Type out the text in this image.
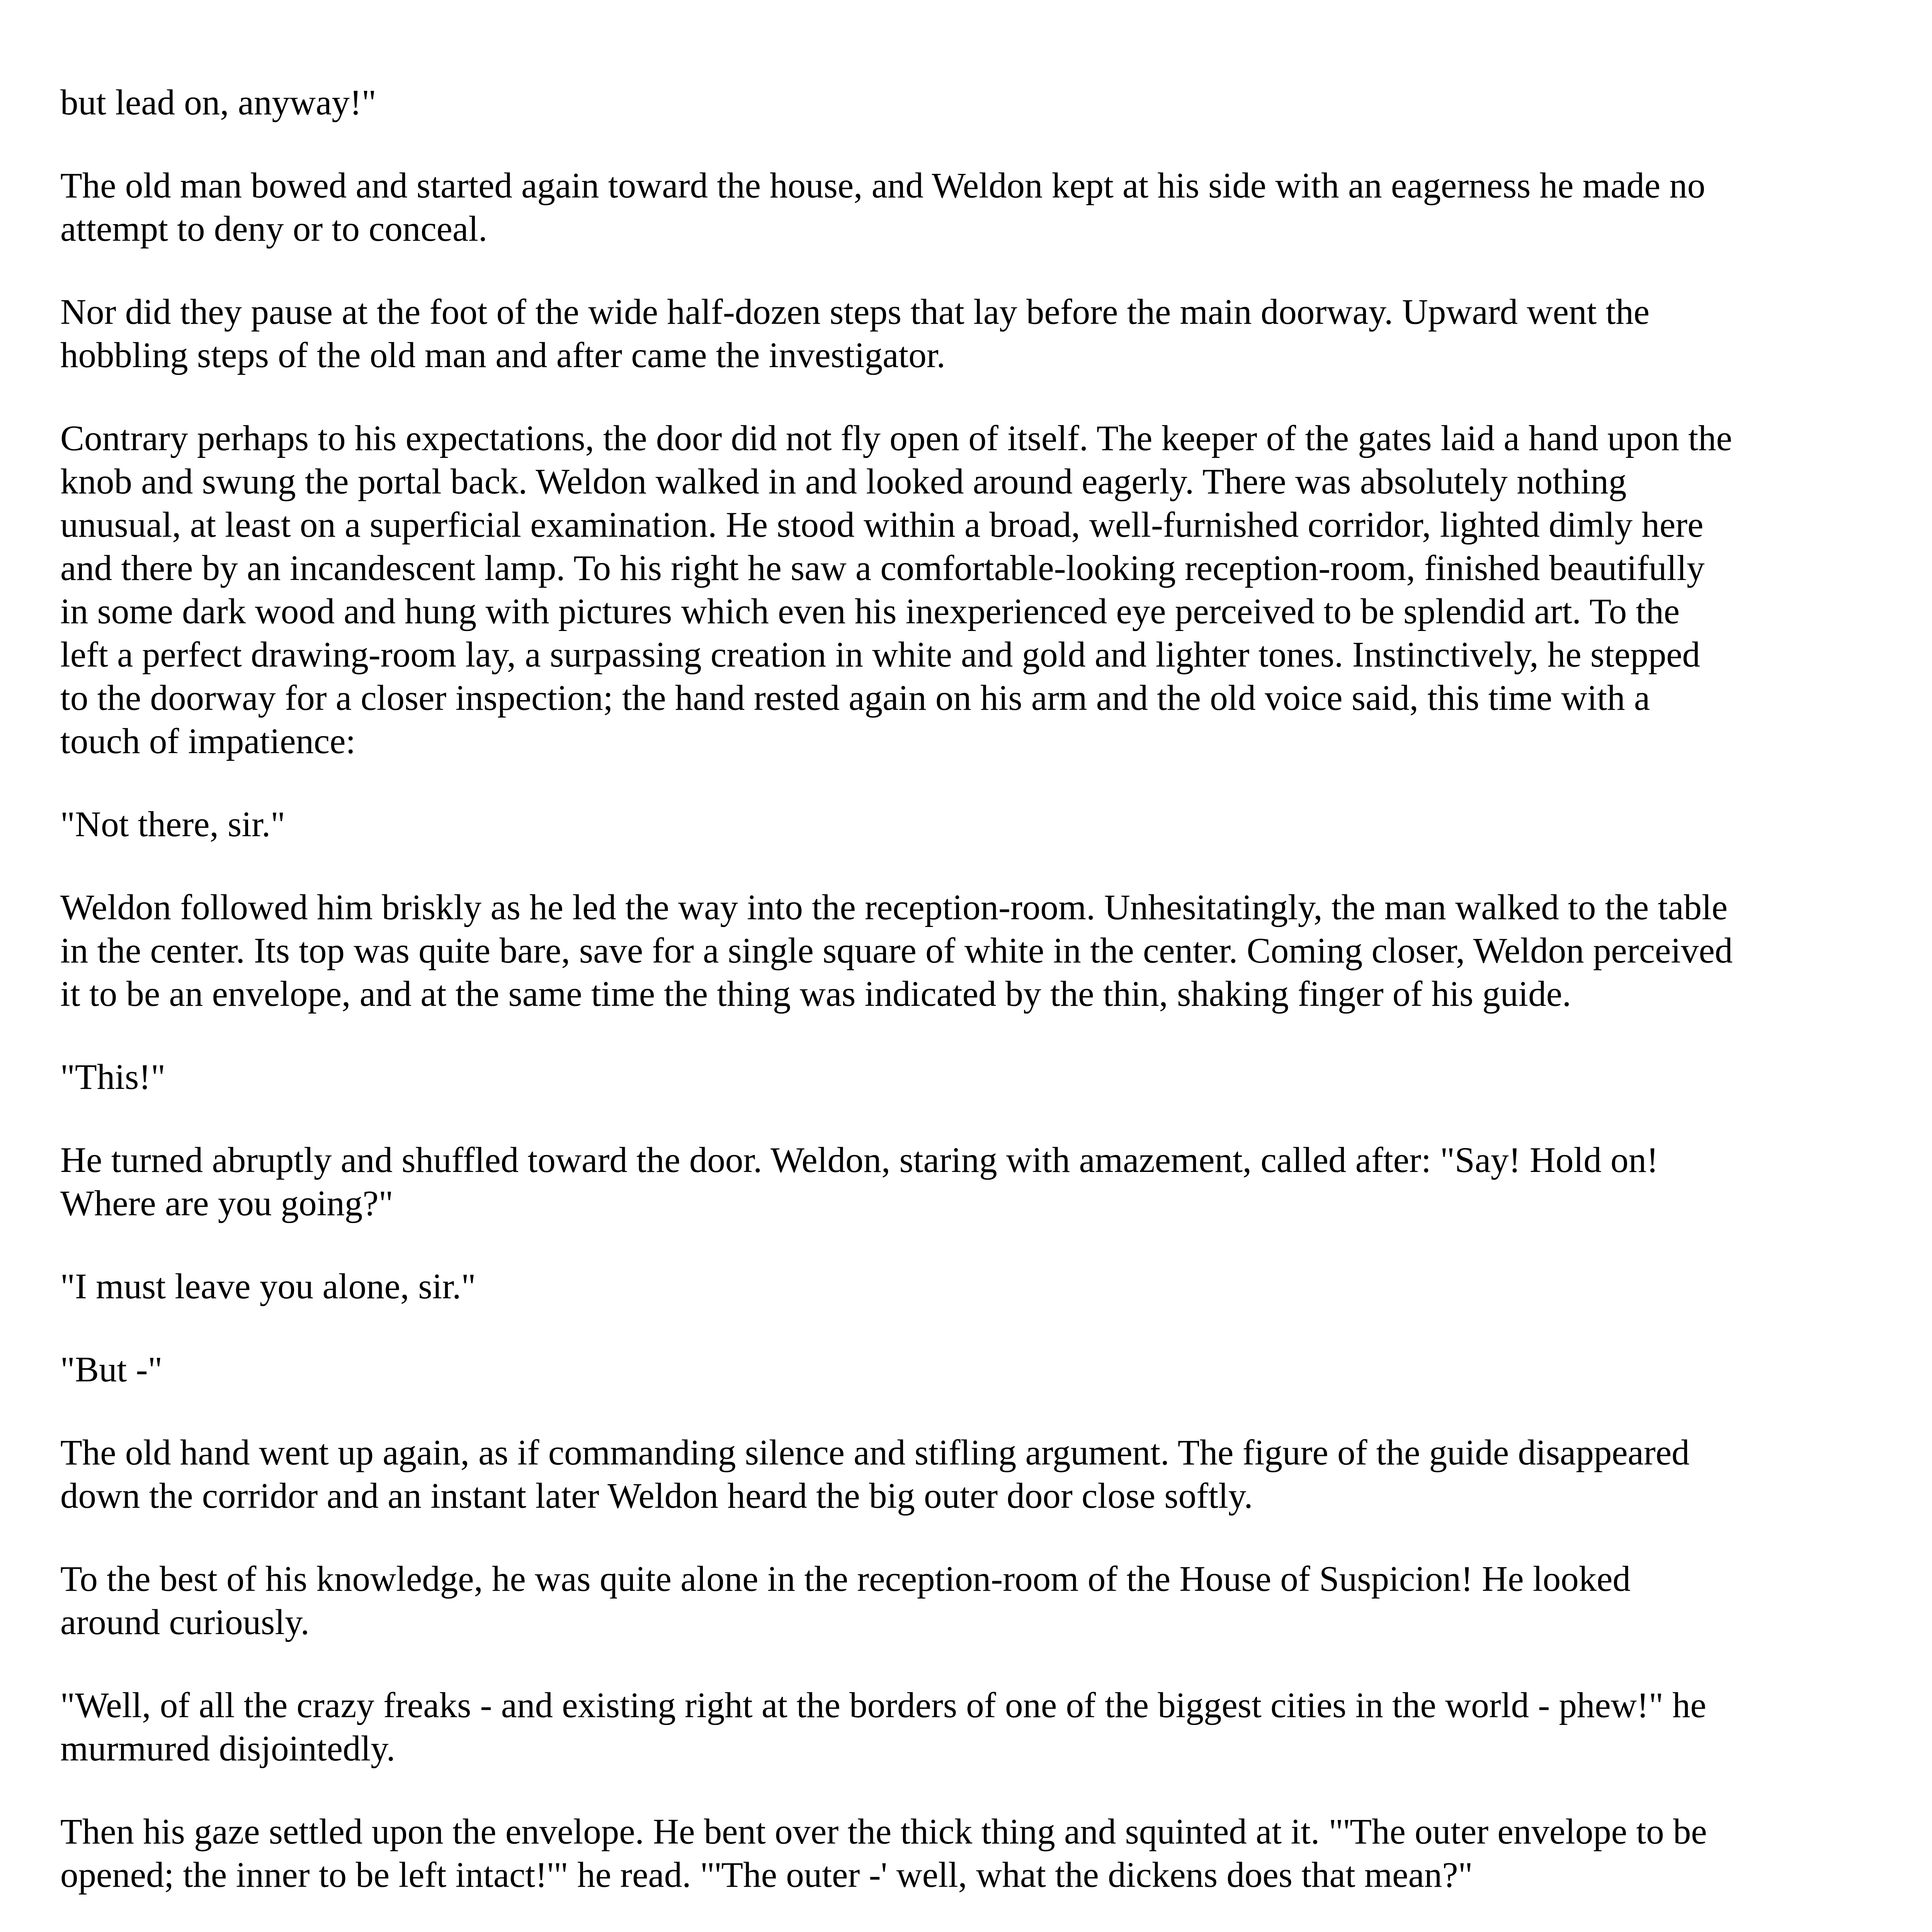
but lead on, anyway!"

The old man bowed and started again toward the house, and Weldon kept at his side with an eagerness he made no attempt to deny or to conceal.

Nor did they pause at the foot of the wide half-dozen steps that lay before the main doorway. Upward went the hobbling steps of the old man and after came the investigator.

Contrary perhaps to his expectations, the door did not fly open of itself. The keeper of the gates laid a hand upon the knob and swung the portal back. Weldon walked in and looked around eagerly. There was absolutely nothing unusual, at least on a superficial examination. He stood within a broad, well-furnished corridor, lighted dimly here and there by an incandescent lamp. To his right he saw a comfortable-looking reception-room, finished beautifully in some dark wood and hung with pictures which even his inexperienced eye perceived to be splendid art. To the left a perfect drawing-room lay, a surpassing creation in white and gold and lighter tones. Instinctively, he stepped to the doorway for a closer inspection; the hand rested again on his arm and the old voice said, this time with a touch of impatience:

"Not there, sir."

Weldon followed him briskly as he led the way into the reception-room. Unhesitatingly, the man walked to the table in the center. Its top was quite bare, save for a single square of white in the center. Coming closer, Weldon perceived it to be an envelope, and at the same time the thing was indicated by the thin, shaking finger of his guide.

"This!"

He turned abruptly and shuffled toward the door. Weldon, staring with amazement, called after: "Say! Hold on! Where are you going?"

"I must leave you alone, sir."

"But -"

The old hand went up again, as if commanding silence and stifling argument. The figure of the guide disappeared down the corridor and an instant later Weldon heard the big outer door close softly.

To the best of his knowledge, he was quite alone in the reception-room of the House of Suspicion! He looked around curiously.

"Well, of all the crazy freaks - and existing right at the borders of one of the biggest cities in the world - phew!" he murmured disjointedly.

Then his gaze settled upon the envelope. He bent over the thick thing and squinted at it. "'The outer envelope to be opened; the inner to be left intact!'" he read. "'The outer -' well, what the dickens does that mean?"
